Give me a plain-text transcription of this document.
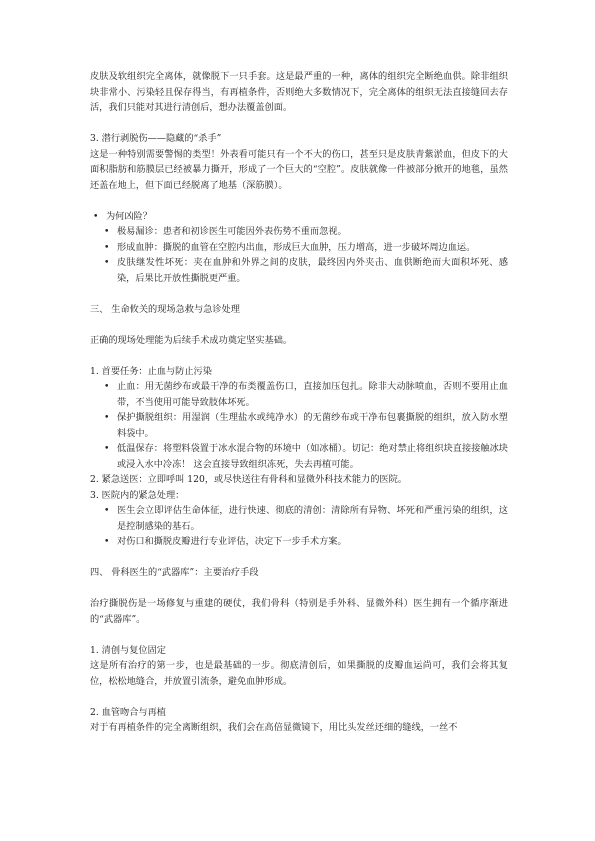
皮肤及软组织完全离体，就像脱下一只手套。这是最严重的一种，离体的组织完全断绝血供。除非组织块非常小、污染轻且保存得当，有再植条件，否则绝大多数情况下，完全离体的组织无法直接缝回去存活，我们只能对其进行清创后，想办法覆盖创面。

3. 潜行剥脱伤——隐藏的“杀手”

这是一种特别需要警惕的类型！外表看可能只有一个不大的伤口，甚至只是皮肤青紫淤血，但皮下的大面积脂肪和筋膜层已经被暴力撕开，形成了一个巨大的“空腔”。皮肤就像一件被部分掀开的地毯，虽然还盖在地上，但下面已经脱离了地基（深筋膜）。

• 为何凶险？
• 极易漏诊：患者和初诊医生可能因外表伤势不重而忽视。
• 形成血肿：撕脱的血管在空腔内出血，形成巨大血肿，压力增高，进一步破坏周边血运。
• 皮肤继发性坏死：夹在血肿和外界之间的皮肤，最终因内外夹击、血供断绝而大面积坏死、感染，后果比开放性撕脱更严重。

三、 生命攸关的现场急救与急诊处理

正确的现场处理能为后续手术成功奠定坚实基础。

1. 首要任务：止血与防止污染

• 止血：用无菌纱布或最干净的布类覆盖伤口，直接加压包扎。除非大动脉喷血，否则不要用止血带，不当使用可能导致肢体坏死。
• 保护撕脱组织：用湿润（生理盐水或纯净水）的无菌纱布或干净布包裹撕脱的组织，放入防水塑料袋中。
• 低温保存：将塑料袋置于冰水混合物的环境中（如冰桶）。切记：绝对禁止将组织块直接接触冰块或浸入水中冷冻！ 这会直接导致组织冻死，失去再植可能。

2. 紧急送医：立即呼叫 120，或尽快送往有骨科和显微外科技术能力的医院。

3. 医院内的紧急处理：

• 医生会立即评估生命体征，进行快速、彻底的清创：清除所有异物、坏死和严重污染的组织，这是控制感染的基石。
• 对伤口和撕脱皮瓣进行专业评估，决定下一步手术方案。

四、 骨科医生的“武器库”：主要治疗手段

治疗撕脱伤是一场修复与重建的硬仗，我们骨科（特别是手外科、显微外科）医生拥有一个循序渐进的“武器库”。

1. 清创与复位固定

这是所有治疗的第一步，也是最基础的一步。彻底清创后，如果撕脱的皮瓣血运尚可，我们会将其复位，松松地缝合，并放置引流条，避免血肿形成。

2. 血管吻合与再植

对于有再植条件的完全离断组织，我们会在高倍显微镜下，用比头发丝还细的缝线，一丝不
